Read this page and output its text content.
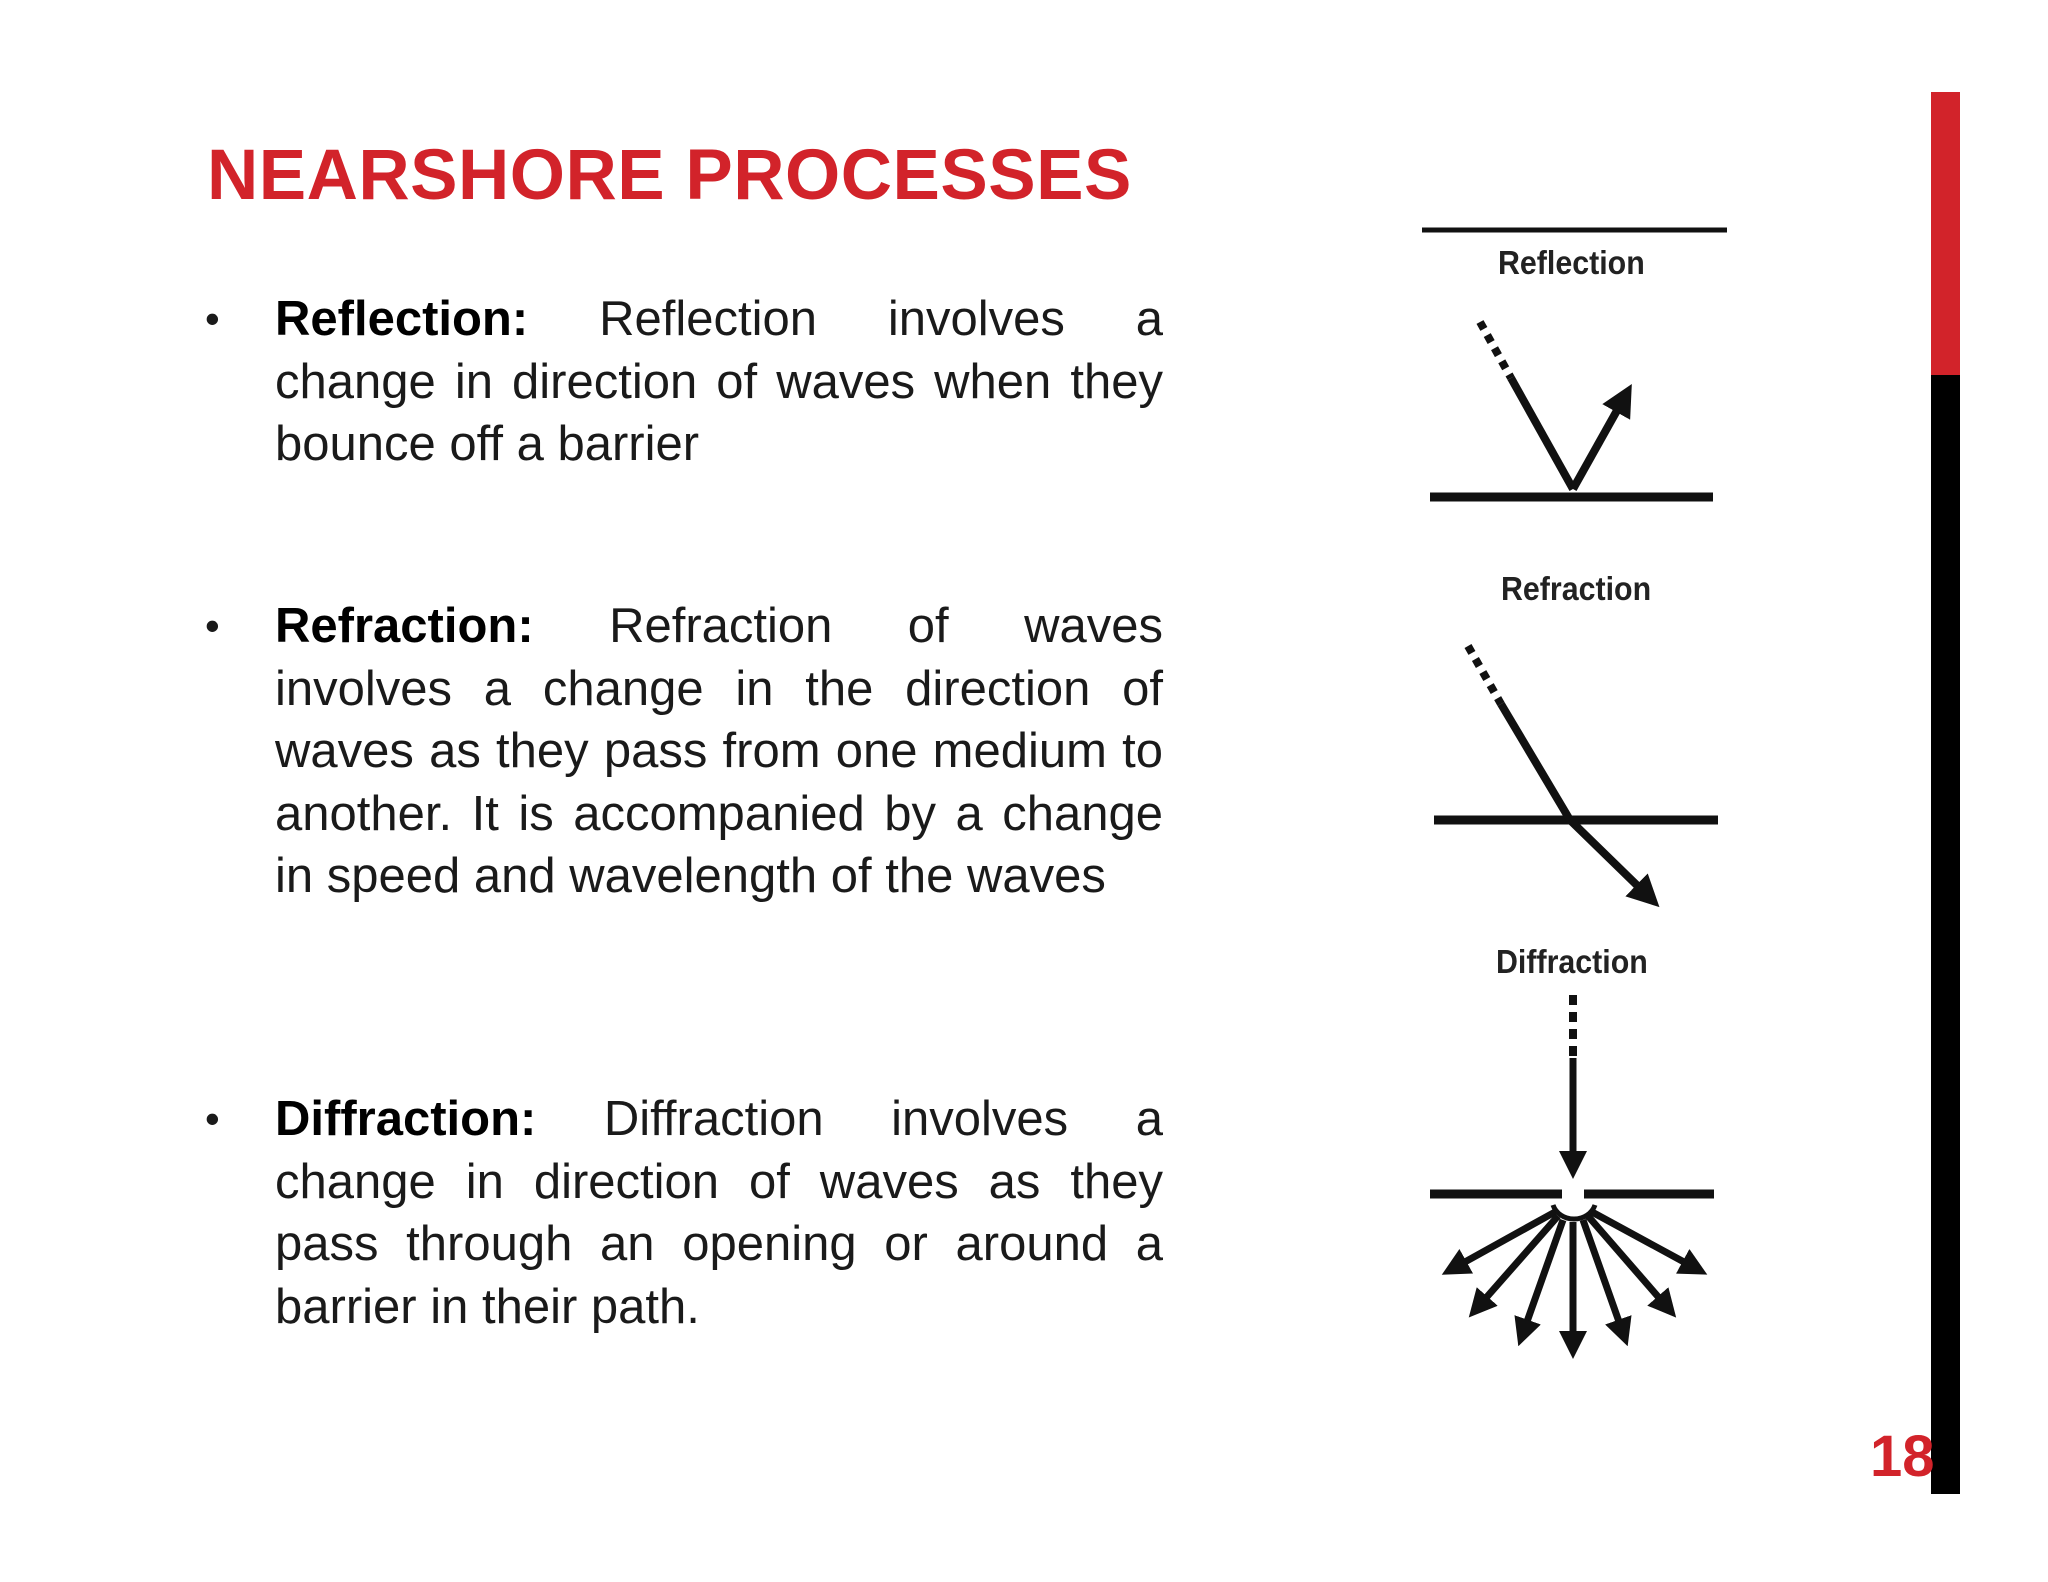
NEARSHORE PROCESSES
•	Reflection: Reflection involves a change in direction of waves when they bounce off a barrier
•	Refraction: Refraction of waves involves a change in the direction of waves as they pass from one medium to another. It is accompanied by a change in speed and wavelength of the waves
•	Diffraction: Diffraction involves a change in direction of waves as they pass through an opening or around a barrier in their path.
Reflection
Refraction
Diffraction
18
